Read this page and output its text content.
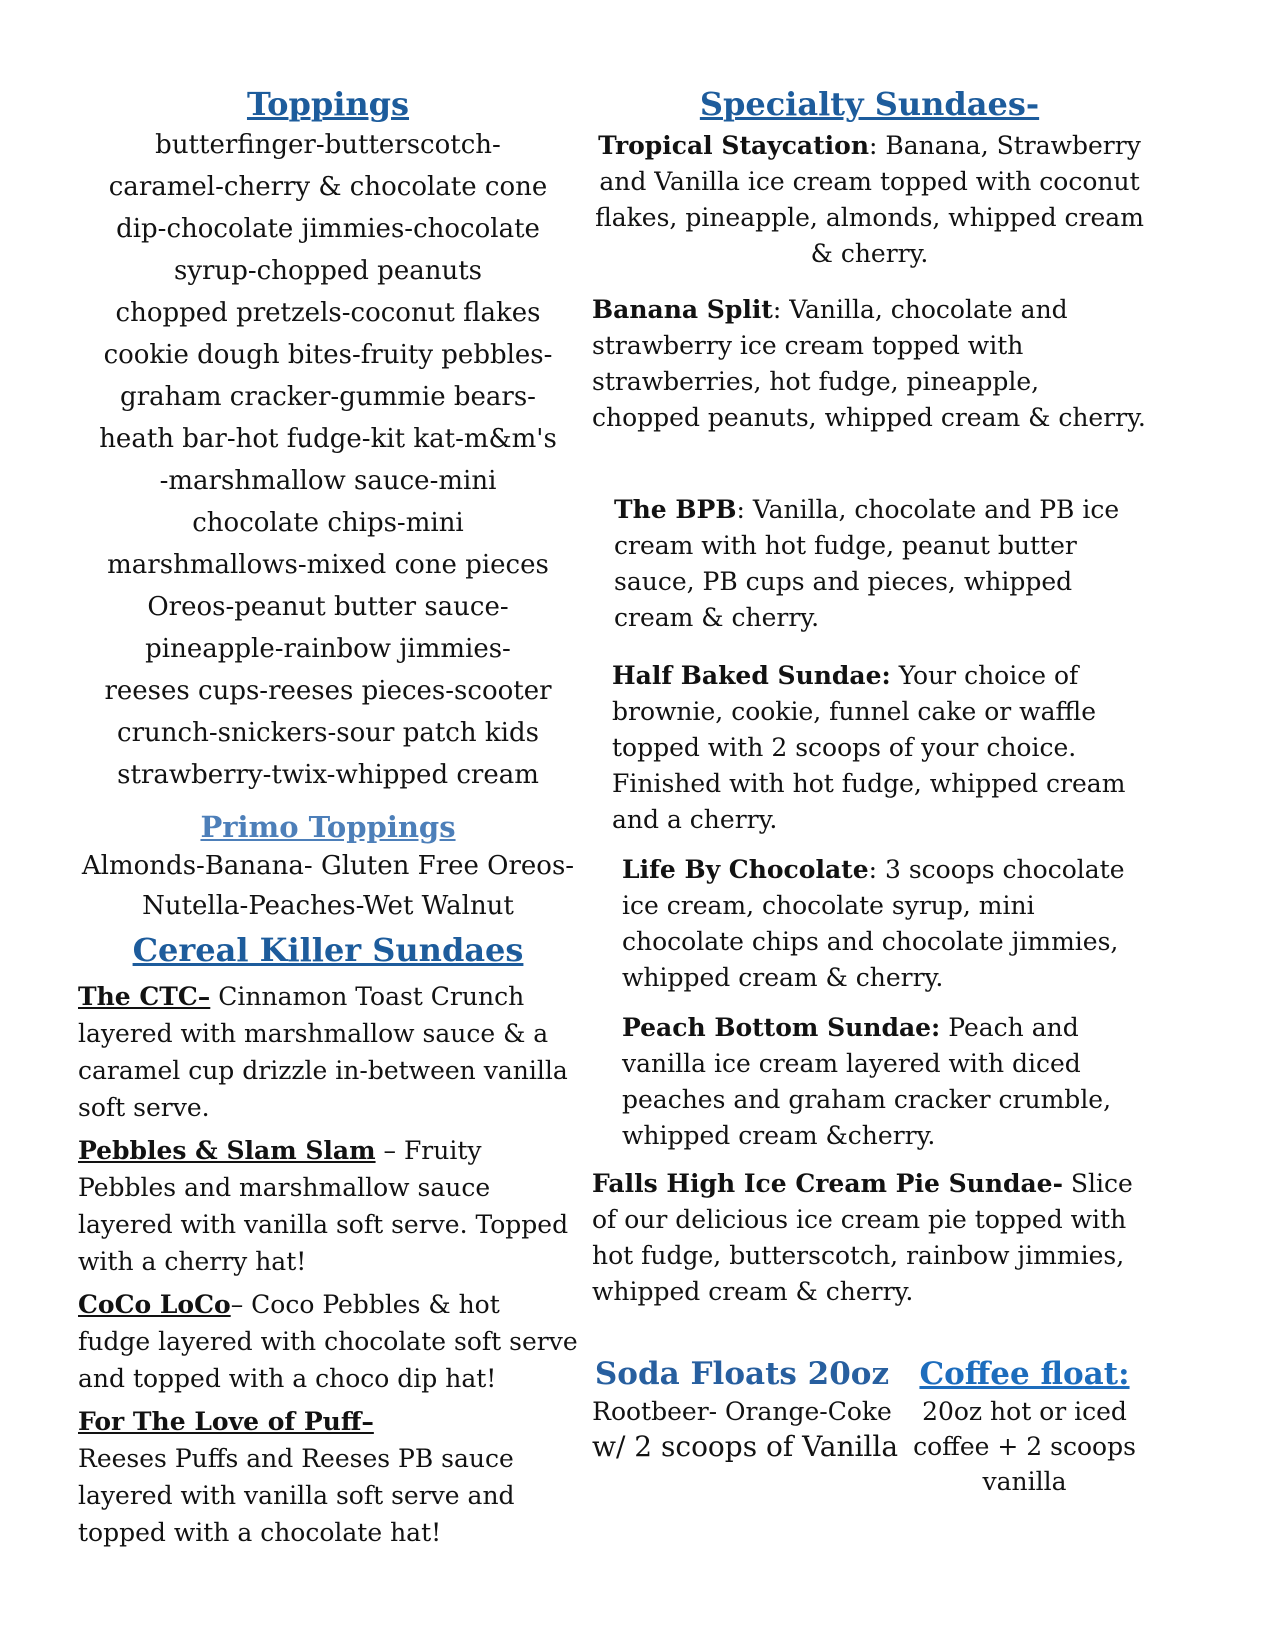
Toppings
butterfinger-butterscotch-
caramel-cherry & chocolate cone
dip-chocolate jimmies-chocolate
syrup-chopped peanuts
chopped pretzels-coconut flakes
cookie dough bites-fruity pebbles-
graham cracker-gummie bears-
heath bar-hot fudge-kit kat-m&m's
-marshmallow sauce-mini
chocolate chips-mini
marshmallows-mixed cone pieces
Oreos-peanut butter sauce-
pineapple-rainbow jimmies-
reeses cups-reeses pieces-scooter
crunch-snickers-sour patch kids
strawberry-twix-whipped cream
Primo Toppings
Almonds-Banana- Gluten Free Oreos-
Nutella-Peaches-Wet Walnut
Cereal Killer Sundaes

The CTC– Cinnamon Toast Crunch layered with marshmallow sauce & a caramel cup drizzle in-between vanilla soft serve.

Pebbles & Slam Slam – Fruity Pebbles and marshmallow sauce layered with vanilla soft serve. Topped with a cherry hat!

CoCo LoCo– Coco Pebbles & hot fudge layered with chocolate soft serve and topped with a choco dip hat!

For The Love of Puff–
Reeses Puffs and Reeses PB sauce layered with vanilla soft serve and topped with a chocolate hat!

Specialty Sundaes-

Tropical Staycation: Banana, Strawberry and Vanilla ice cream topped with coconut flakes, pineapple, almonds, whipped cream & cherry.

Banana Split: Vanilla, chocolate and strawberry ice cream topped with strawberries, hot fudge, pineapple, chopped peanuts, whipped cream & cherry.

The BPB: Vanilla, chocolate and PB ice cream with hot fudge, peanut butter sauce, PB cups and pieces, whipped cream & cherry.

Half Baked Sundae: Your choice of brownie, cookie, funnel cake or waffle topped with 2 scoops of your choice. Finished with hot fudge, whipped cream and a cherry.

Life By Chocolate: 3 scoops chocolate ice cream, chocolate syrup, mini chocolate chips and chocolate jimmies, whipped cream & cherry.

Peach Bottom Sundae: Peach and vanilla ice cream layered with diced peaches and graham cracker crumble, whipped cream &cherry.

Falls High Ice Cream Pie Sundae- Slice of our delicious ice cream pie topped with hot fudge, butterscotch, rainbow jimmies, whipped cream & cherry.

Soda Floats 20oz
Rootbeer- Orange-Coke
w/ 2 scoops of Vanilla
Coffee float:
20oz hot or iced
coffee + 2 scoops
vanilla
